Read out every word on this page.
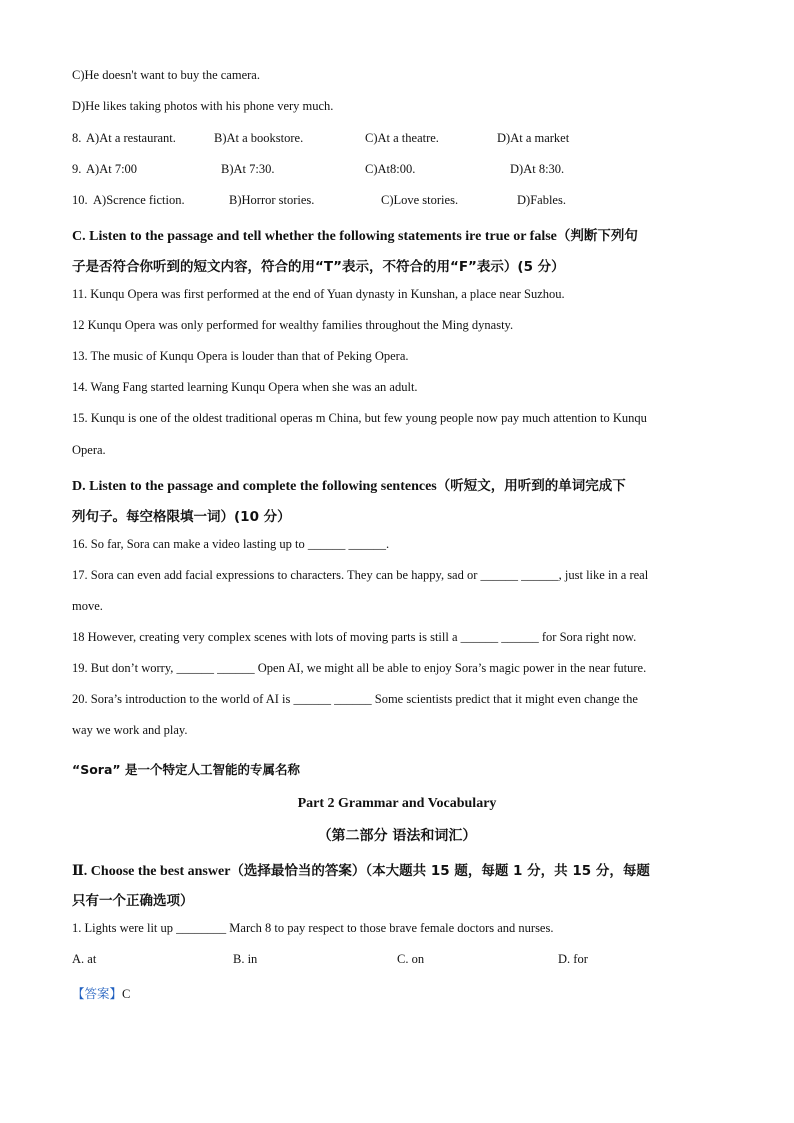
C)He doesn't want to buy the camera.
D)He likes taking photos with his phone very much.
8. A)At a restaurant.	B)At a bookstore.	C)At a theatre.	D)At a market
9. A)At 7:00	B)At 7:30.	C)At8:00.	D)At 8:30.
10. A)Scrence fiction.	B)Horror stories.	C)Love stories.	D)Fables.
C. Listen to the passage and tell whether the following statements ire true or false（判断下列句
子是否符合你听到的短文内容，符合的用“T”表示，不符合的用“F”表示）(5 分）
11. Kunqu Opera was first performed at the end of Yuan dynasty in Kunshan, a place near Suzhou.
12 Kunqu Opera was only performed for wealthy families throughout the Ming dynasty.
13. The music of Kunqu Opera is louder than that of Peking Opera.
14. Wang Fang started learning Kunqu Opera when she was an adult.
15. Kunqu is one of the oldest traditional operas m China, but few young people now pay much attention to Kunqu
Opera.
D. Listen to the passage and complete the following sentences（听短文，用听到的单词完成下
列句子。每空格限填一词）(10 分）
16. So far, Sora can make a video lasting up to ______ ______.
17. Sora can even add facial expressions to characters. They can be happy, sad or ______ ______, just like in a real
move.
18 However, creating very complex scenes with lots of moving parts is still a ______ ______ for Sora right now.
19. But don’t worry, ______ ______ Open AI, we might all be able to enjoy Sora’s magic power in the near future.
20. Sora’s introduction to the world of AI is ______ ______ Some scientists predict that it might even change the
way we work and play.
“Sora” 是一个特定人工智能的专属名称
Part 2 Grammar and Vocabulary
（第二部分 语法和词汇）
Ⅱ. Choose the best answer（选择最恰当的答案）（本大题共 15 题，每题 1 分，共 15 分，每题
只有一个正确选项）
1. Lights were lit up ________ March 8 to pay respect to those brave female doctors and nurses.
A. at	B. in	C. on	D. for
【答案】C
